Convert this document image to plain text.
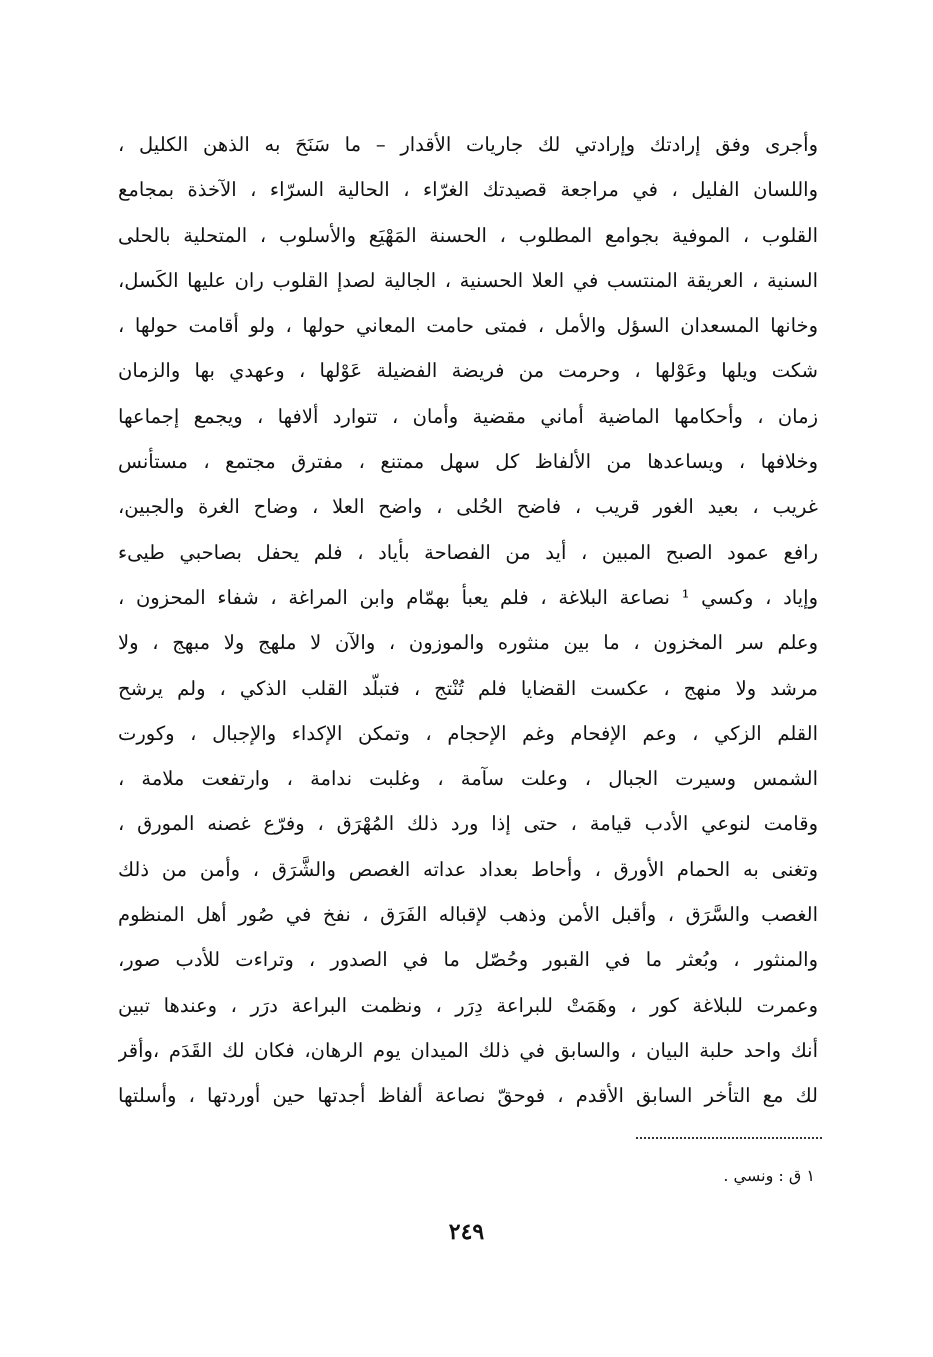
وأجرى وفق إرادتك وإرادتي لك جاريات الأقدار – ما سَنَحَ به الذهن الكليل ،
واللسان الفليل ، في مراجعة قصيدتك الغرّاء ، الحالية السرّاء ، الآخذة بمجامع
القلوب ، الموفية بجوامع المطلوب ، الحسنة المَهْيَع والأسلوب ، المتحلية بالحلى
السنية ، العريقة المنتسب في العلا الحسنية ، الجالية لصدإ القلوب ران عليها الكَسل،
وخانها المسعدان السؤل والأمل ، فمتى حامت المعاني حولها ، ولو أقامت حولها ،
شكت ويلها وعَوْلها ، وحرمت من فريضة الفضيلة عَوْلها ، وعهدي بها والزمان
زمان ، وأحكامها الماضية أماني مقضية وأمان ، تتوارد ألافها ، ويجمع إجماعها
وخلافها ، ويساعدها من الألفاظ كل سهل ممتنع ، مفترق مجتمع ، مستأنس
غريب ، بعيد الغور قريب ، فاضح الحُلى ، واضح العلا ، وضاح الغرة والجبين،
رافع عمود الصبح المبين ، أيد من الفصاحة بأياد ، فلم يحفل بصاحبي طيىء
وإياد ، وكسي ¹ نصاعة البلاغة ، فلم يعبأ بهمّام وابن المراغة ، شفاء المحزون ،
وعلم سر المخزون ، ما بين منثوره والموزون ، والآن لا ملهج ولا مبهج ، ولا
مرشد ولا منهج ، عكست القضايا فلم تُنْتج ، فتبلّد القلب الذكي ، ولم يرشح
القلم الزكي ، وعم الإفحام وغم الإحجام ، وتمكن الإكداء والإجبال ، وكورت
الشمس وسيرت الجبال ، وعلت سآمة ، وغلبت ندامة ، وارتفعت ملامة ،
وقامت لنوعي الأدب قيامة ، حتى إذا ورد ذلك المُهْرَق ، وفرّع غصنه المورق ،
وتغنى به الحمام الأورق ، وأحاط بعداد عداته الغصص والشَّرَق ، وأمن من ذلك
الغصب والسَّرَق ، وأقبل الأمن وذهب لإقباله الفَرَق ، نفخ في صُور أهل المنظوم
والمنثور ، وبُعثر ما في القبور وحُصّل ما في الصدور ، وتراءت للأدب صور،
وعمرت للبلاغة كور ، وهَمَتْ للبراعة دِرَر ، ونظمت البراعة درَر ، وعندها تبين
أنك واحد حلبة البيان ، والسابق في ذلك الميدان يوم الرهان، فكان لك القَدَم ،وأقر
لك مع التأخر السابق الأقدم ، فوحقّ نصاعة ألفاظ أجدتها حين أوردتها ، وأسلتها
١ ق : ونسي .
٢٤٩
